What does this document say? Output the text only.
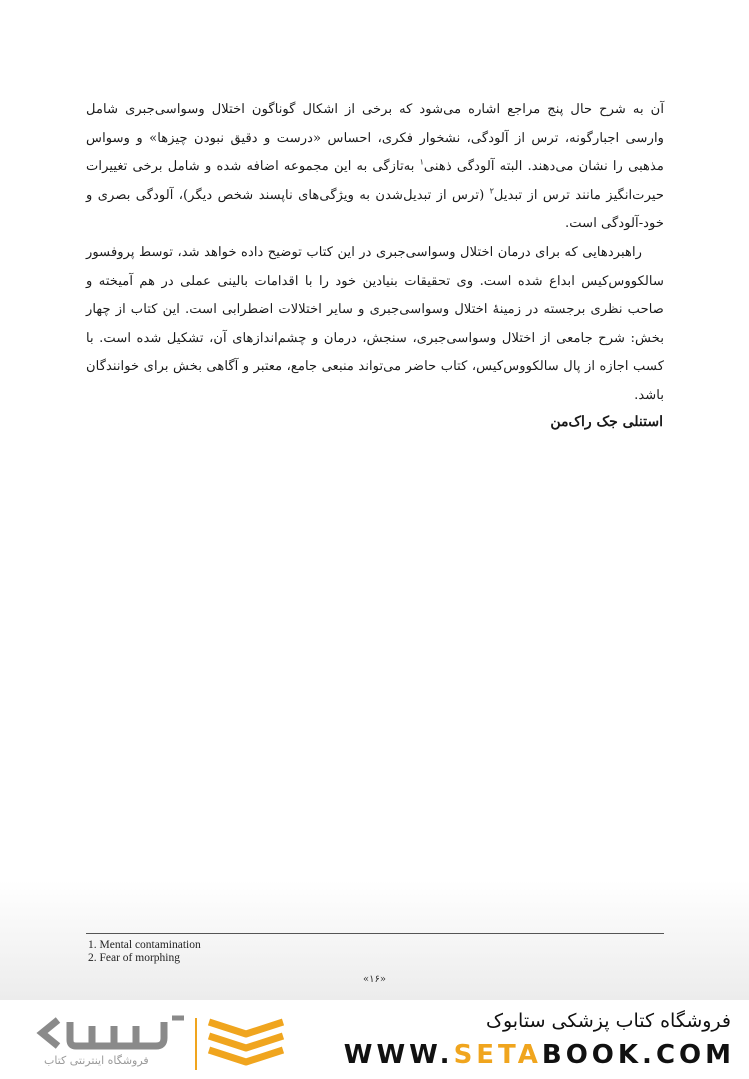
آن به شرح حال پنج مراجع اشاره می‌شود که برخی از اشکال گوناگون اختلال وسواسی‌جبری شامل وارسی اجبارگونه، ترس از آلودگی، نشخوار فکری، احساس «درست و دقیق نبودن چیزها» و وسواس مذهبی را نشان می‌دهند. البته آلودگی ذهنی$^۱$ به‌تازگی به این مجموعه اضافه شده و شامل برخی تغییرات حیرت‌انگیز مانند ترس از تبدیل$^۲$ (ترس از تبدیل‌شدن به ویژگی‌های ناپسند شخص دیگر)، آلودگی بصری و خود-آلودگی است.

راهبردهایی که برای درمان اختلال وسواسی‌جبری در این کتاب توضیح داده خواهد شد، توسط پروفسور سالکووس‌کیس ابداع شده است. وی تحقیقات بنیادین خود را با اقدامات بالینی عملی در هم آمیخته و صاحب نظری برجسته در زمینهٔ اختلال وسواسی‌جبری و سایر اختلالات اضطرابی است. این کتاب از چهار بخش: شرح جامعی از اختلال وسواسی‌جبری، سنجش، درمان و چشم‌اندازهای آن، تشکیل شده است. با کسب اجازه از پال سالکووس‌کیس، کتاب حاضر می‌تواند منبعی جامع، معتبر و آگاهی بخش برای خوانندگان باشد.

استنلی جک راک‌من
1. Mental contamination
2. Fear of morphing
«۱۶»
فروشگاه اینترنتی کتاب
فروشگاه کتاب پزشکی ستابوک
WWW.SETABOOK.COM
